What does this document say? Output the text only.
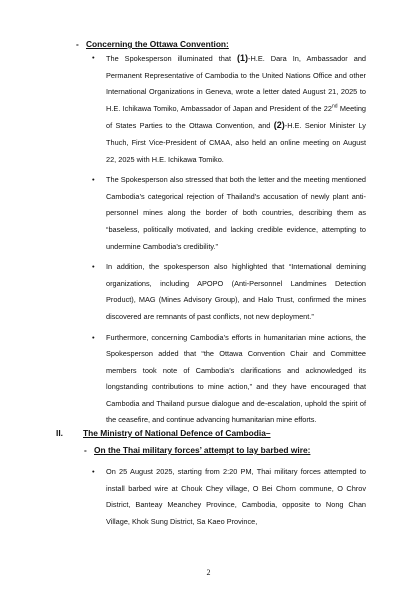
- Concerning the Ottawa Convention:
• The Spokesperson illuminated that (1)-H.E. Dara In, Ambassador and Permanent Representative of Cambodia to the United Nations Office and other International Organizations in Geneva, wrote a letter dated August 21, 2025 to H.E. Ichikawa Tomiko, Ambassador of Japan and President of the 22nd Meeting of States Parties to the Ottawa Convention, and (2)-H.E. Senior Minister Ly Thuch, First Vice-President of CMAA, also held an online meeting on August 22, 2025 with H.E. Ichikawa Tomiko.
• The Spokesperson also stressed that both the letter and the meeting mentioned Cambodia’s categorical rejection of Thailand’s accusation of newly plant anti-personnel mines along the border of both countries, describing them as “baseless, politically motivated, and lacking credible evidence, attempting to undermine Cambodia’s credibility.”
• In addition, the spokesperson also highlighted that “International demining organizations, including APOPO (Anti-Personnel Landmines Detection Product), MAG (Mines Advisory Group), and Halo Trust, confirmed the mines discovered are remnants of past conflicts, not new deployment.”
• Furthermore, concerning Cambodia’s efforts in humanitarian mine actions, the Spokesperson added that “the Ottawa Convention Chair and Committee members took note of Cambodia’s clarifications and acknowledged its longstanding contributions to mine action,” and they have encouraged that Cambodia and Thailand pursue dialogue and de-escalation, uphold the spirit of the ceasefire, and continue advancing humanitarian mine efforts.
II. The Ministry of National Defence of Cambodia–
- On the Thai military forces’ attempt to lay barbed wire:
• On 25 August 2025, starting from 2:20 PM, Thai military forces attempted to install barbed wire at Chouk Chey village, O Bei Chorn commune, O Chrov District, Banteay Meanchey Province, Cambodia, opposite to Nong Chan Village, Khok Sung District, Sa Kaeo Province,
2
